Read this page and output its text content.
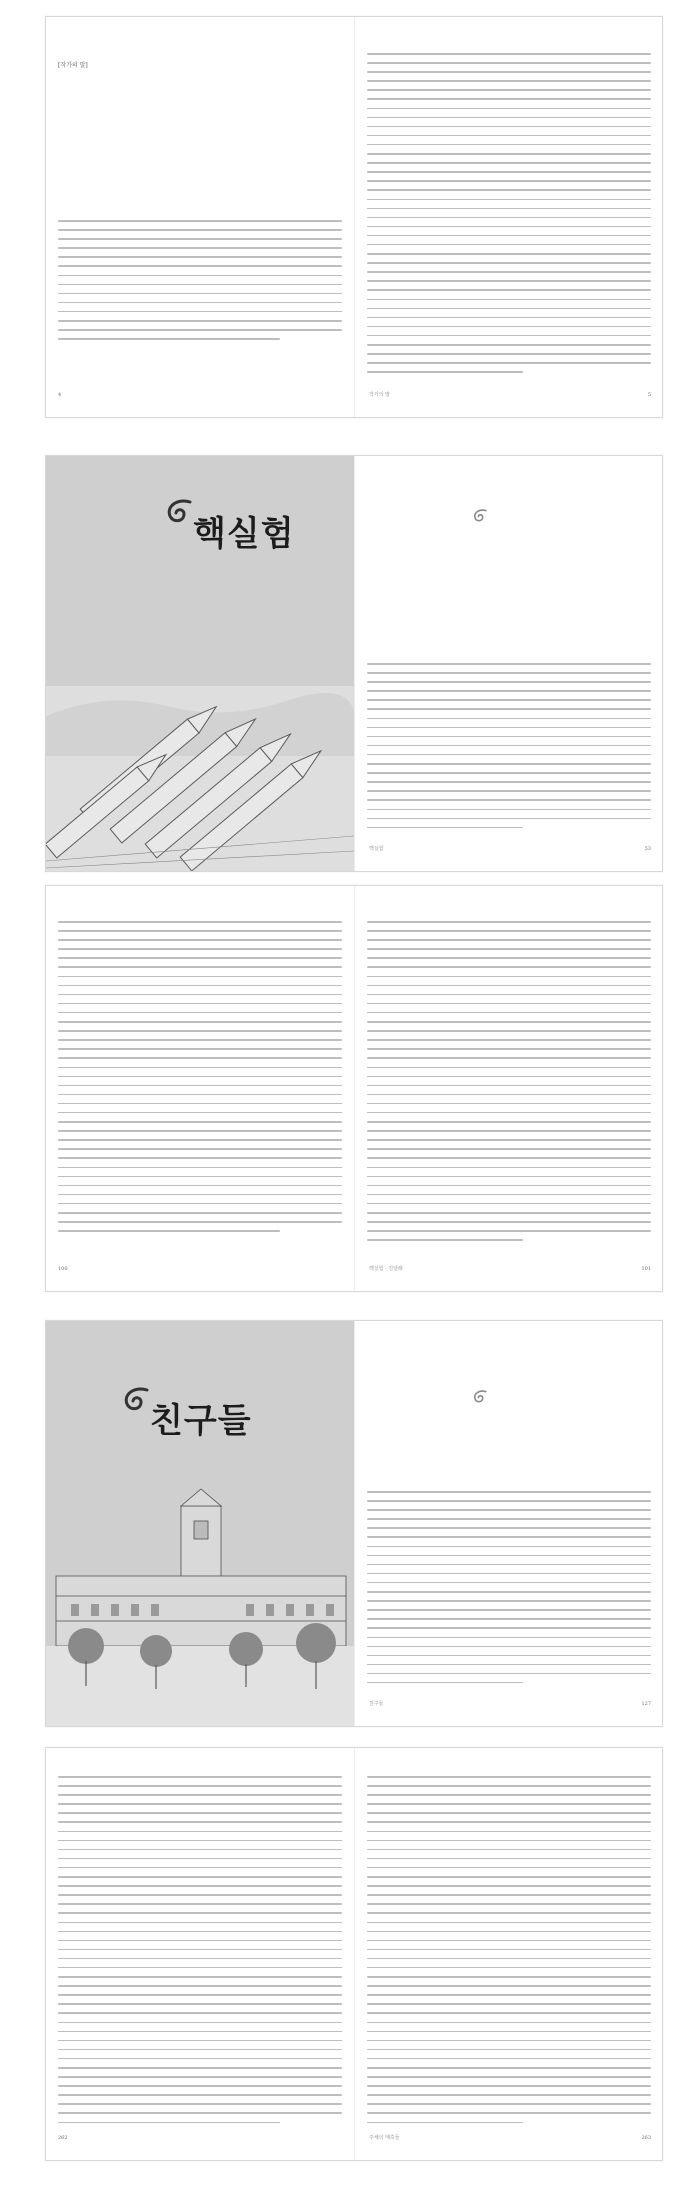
[작가의 말]
4	작가의 말	5
핵실험
핵실험	53
100	핵실험 · 진달래	101
친구들
친구들	127
262	주체의 매혹들	263
